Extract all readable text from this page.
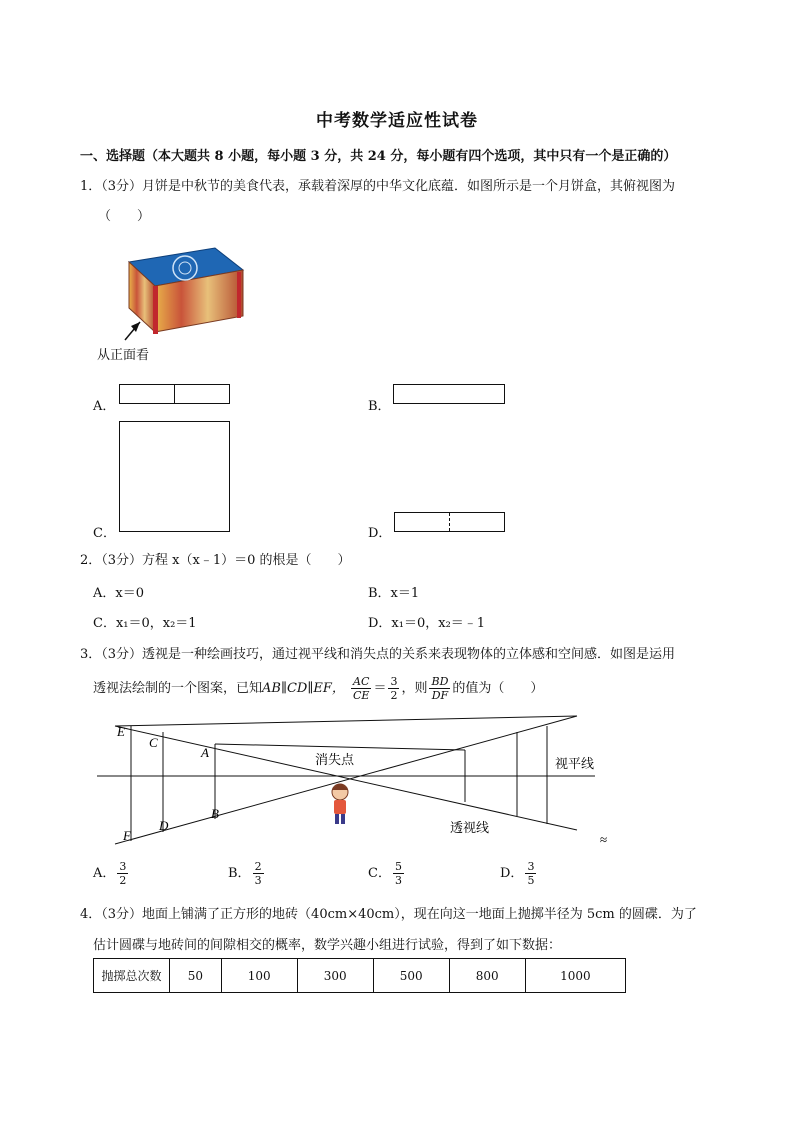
中考数学适应性试卷
一、选择题（本大题共 8 小题，每小题 3 分，共 24 分，每小题有四个选项，其中只有一个是正确的）
1．（3分）月饼是中秋节的美食代表，承载着深厚的中华文化底蕴．如图所示是一个月饼盒，其俯视图为
（　　）
从正面看
A．	B．
C．	D．
2．（3分）方程 x（x﹣1）＝0 的根是（　　）
A．x＝0	B．x＝1
C．x₁＝0，x₂＝1	D．x₁＝0，x₂＝﹣1
3．（3分）透视是一种绘画技巧，通过视平线和消失点的关系来表现物体的立体感和空间感．如图是运用
透视法绘制的一个图案，已知AB∥CD∥EF， $\frac{AC}{CE} = \frac{3}{2}$ ，则 $\frac{BD}{DF}$ 的值为（　　）
E
C
A
F
D
B
消失点	视平线
透视线
≈
A． $\frac{3}{2}$	B． $\frac{2}{3}$	C． $\frac{5}{3}$	D． $\frac{3}{5}$
4．（3分）地面上铺满了正方形的地砖（40cm×40cm），现在向这一地面上抛掷半径为 5cm 的圆碟．为了
估计圆碟与地砖间的间隙相交的概率，数学兴趣小组进行试验，得到了如下数据：
抛掷总次数	50	100	300	500	800	1000
